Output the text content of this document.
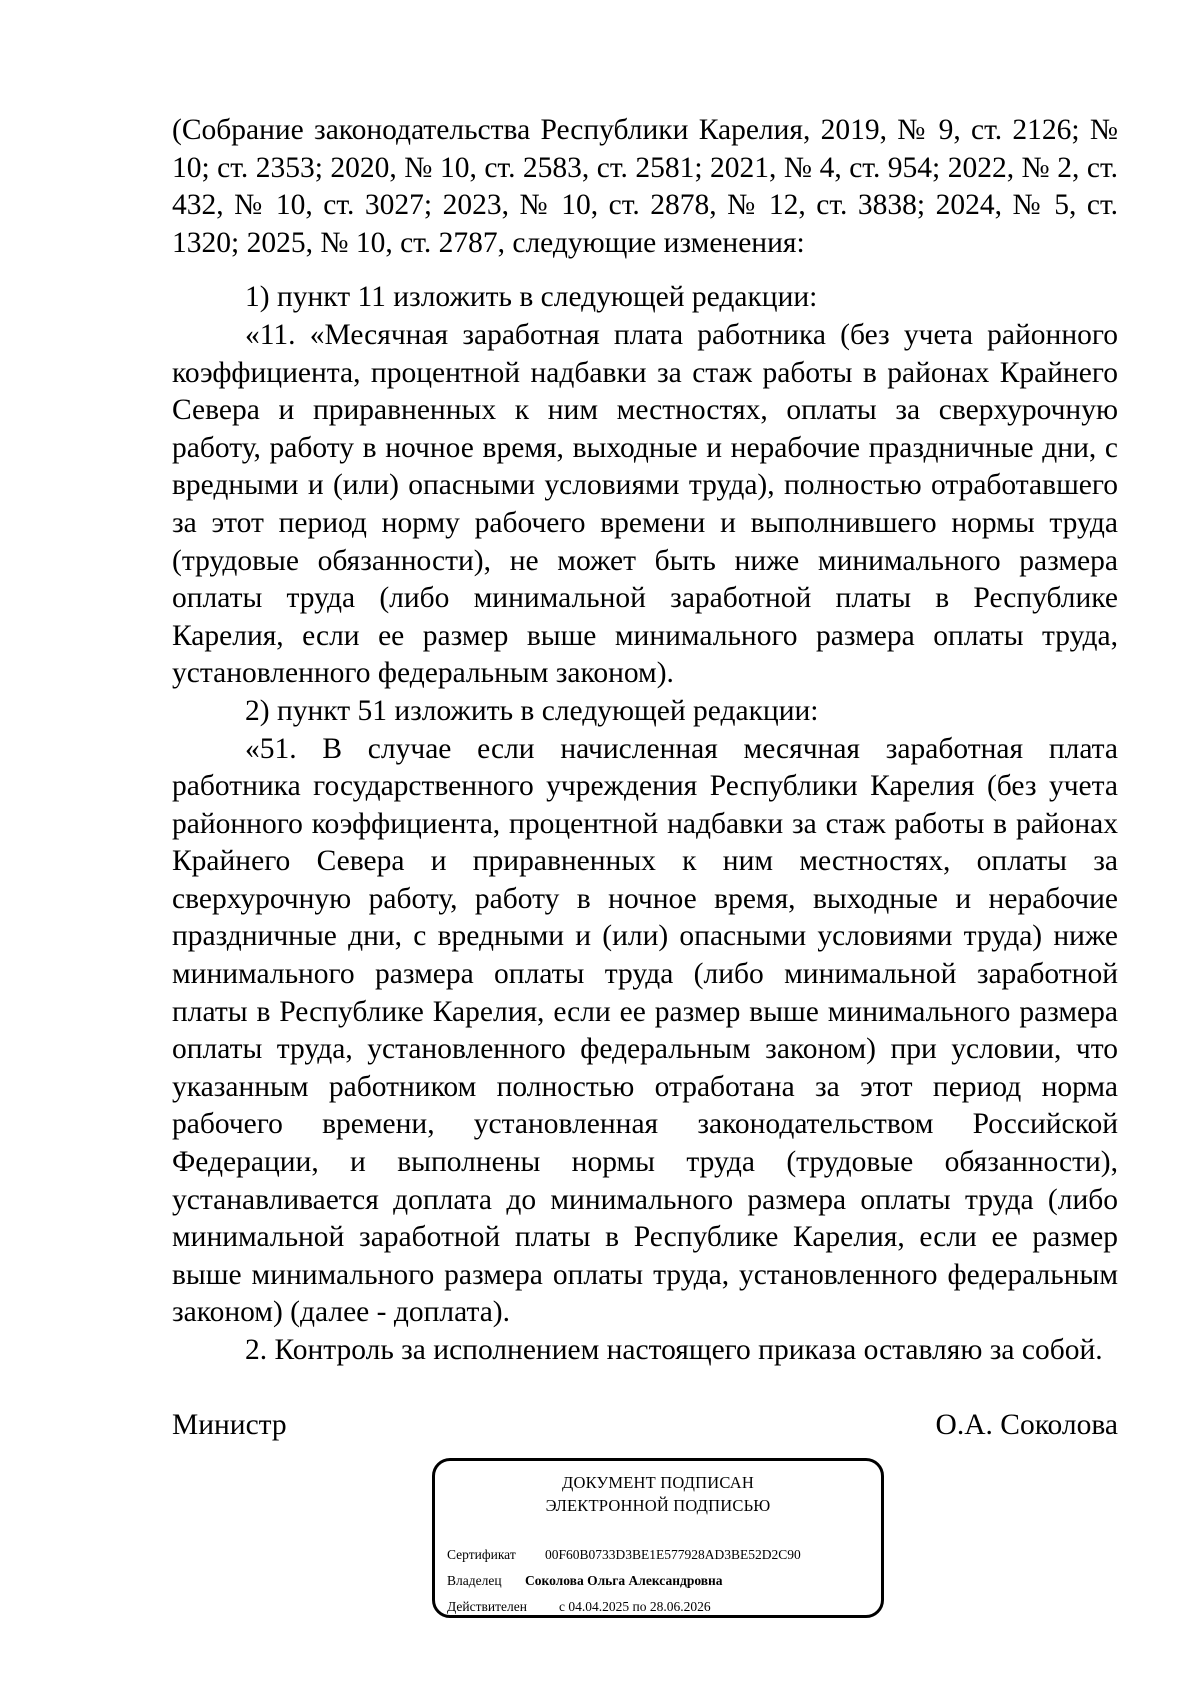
(Собрание законодательства Республики Карелия, 2019, № 9, ст. 2126; № 10; ст. 2353; 2020, № 10, ст. 2583, ст. 2581; 2021, № 4, ст. 954; 2022, № 2, ст. 432, № 10, ст. 3027; 2023, № 10, ст. 2878, № 12, ст. 3838; 2024, № 5, ст. 1320; 2025, № 10, ст. 2787, следующие изменения:

1) пункт 11 изложить в следующей редакции:

«11. «Месячная заработная плата работника (без учета районного коэффициента, процентной надбавки за стаж работы в районах Крайнего Севера и приравненных к ним местностях, оплаты за сверхурочную работу, работу в ночное время, выходные и нерабочие праздничные дни, с вредными и (или) опасными условиями труда), полностью отработавшего за этот период норму рабочего времени и выполнившего нормы труда (трудовые обязанности), не может быть ниже минимального размера оплаты труда (либо минимальной заработной платы в Республике Карелия, если ее размер выше минимального размера оплаты труда, установленного федеральным законом).

2) пункт 51 изложить в следующей редакции:

«51. В случае если начисленная месячная заработная плата работника государственного учреждения Республики Карелия (без учета районного коэффициента, процентной надбавки за стаж работы в районах Крайнего Севера и приравненных к ним местностях, оплаты за сверхурочную работу, работу в ночное время, выходные и нерабочие праздничные дни, с вредными и (или) опасными условиями труда) ниже минимального размера оплаты труда (либо минимальной заработной платы в Республике Карелия, если ее размер выше минимального размера оплаты труда, установленного федеральным законом) при условии, что указанным работником полностью отработана за этот период норма рабочего времени, установленная законодательством Российской Федерации, и выполнены нормы труда (трудовые обязанности), устанавливается доплата до минимального размера оплаты труда (либо минимальной заработной платы в Республике Карелия, если ее размер выше минимального размера оплаты труда, установленного федеральным законом) (далее - доплата).

2. Контроль за исполнением настоящего приказа оставляю за собой.

Министр	О.А. Соколова
ДОКУМЕНТ ПОДПИСАН
ЭЛЕКТРОННОЙ ПОДПИСЬЮ
Сертификат 00F60B0733D3BE1E577928AD3BE52D2C90
Владелец Соколова Ольга Александровна
Действителен с 04.04.2025 по 28.06.2026
